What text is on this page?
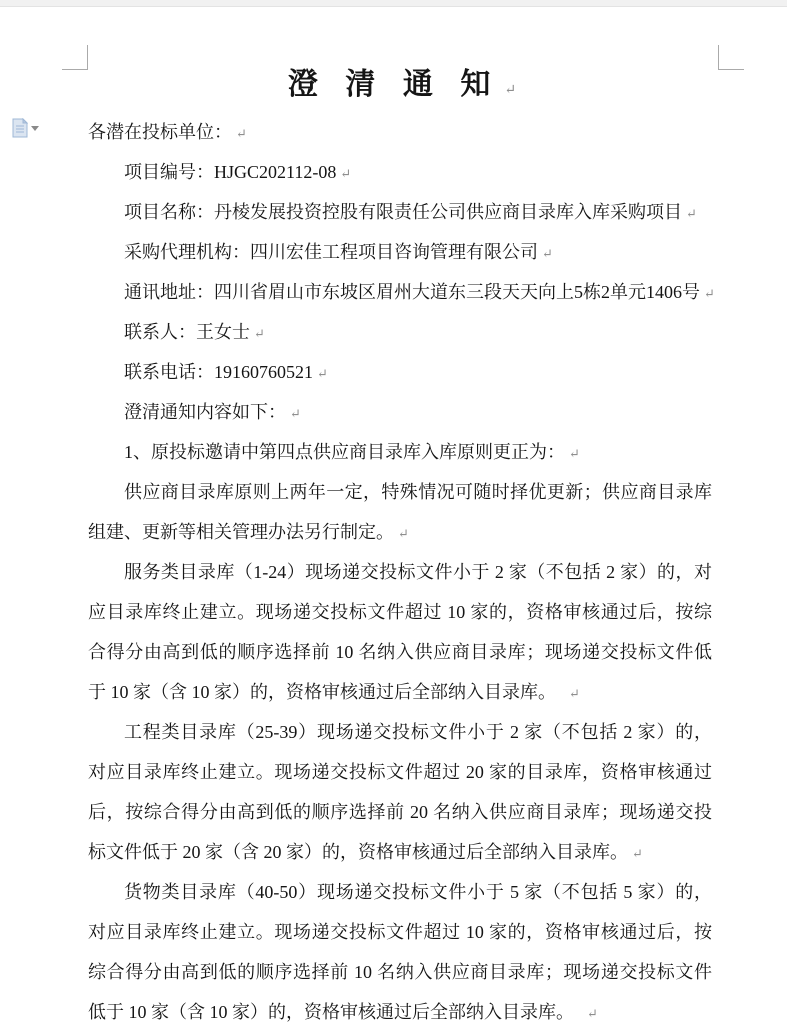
澄 清 通 知 ↵
各潜在投标单位： ↵
项目编号：HJGC202112-08 ↵
项目名称：丹棱发展投资控股有限责任公司供应商目录库入库采购项目 ↵
采购代理机构：四川宏佳工程项目咨询管理有限公司 ↵
通讯地址：四川省眉山市东坡区眉州大道东三段天天向上5栋2单元1406号 ↵
联系人：王女士 ↵
联系电话：19160760521 ↵
澄清通知内容如下： ↵
1、原投标邀请中第四点供应商目录库入库原则更正为： ↵
供应商目录库原则上两年一定，特殊情况可随时择优更新；供应商目录库
组建、更新等相关管理办法另行制定。 ↵
服务类目录库（1-24）现场递交投标文件小于 2 家（不包括 2 家）的，对
应目录库终止建立。现场递交投标文件超过 10 家的，资格审核通过后，按综
合得分由高到低的顺序选择前 10 名纳入供应商目录库；现场递交投标文件低
于 10 家（含 10 家）的，资格审核通过后全部纳入目录库。　↵
工程类目录库（25-39）现场递交投标文件小于 2 家（不包括 2 家）的，
对应目录库终止建立。现场递交投标文件超过 20 家的目录库，资格审核通过
后，按综合得分由高到低的顺序选择前 20 名纳入供应商目录库；现场递交投
标文件低于 20 家（含 20 家）的，资格审核通过后全部纳入目录库。 ↵
货物类目录库（40-50）现场递交投标文件小于 5 家（不包括 5 家）的，
对应目录库终止建立。现场递交投标文件超过 10 家的，资格审核通过后，按
综合得分由高到低的顺序选择前 10 名纳入供应商目录库；现场递交投标文件
低于 10 家（含 10 家）的，资格审核通过后全部纳入目录库。　↵
